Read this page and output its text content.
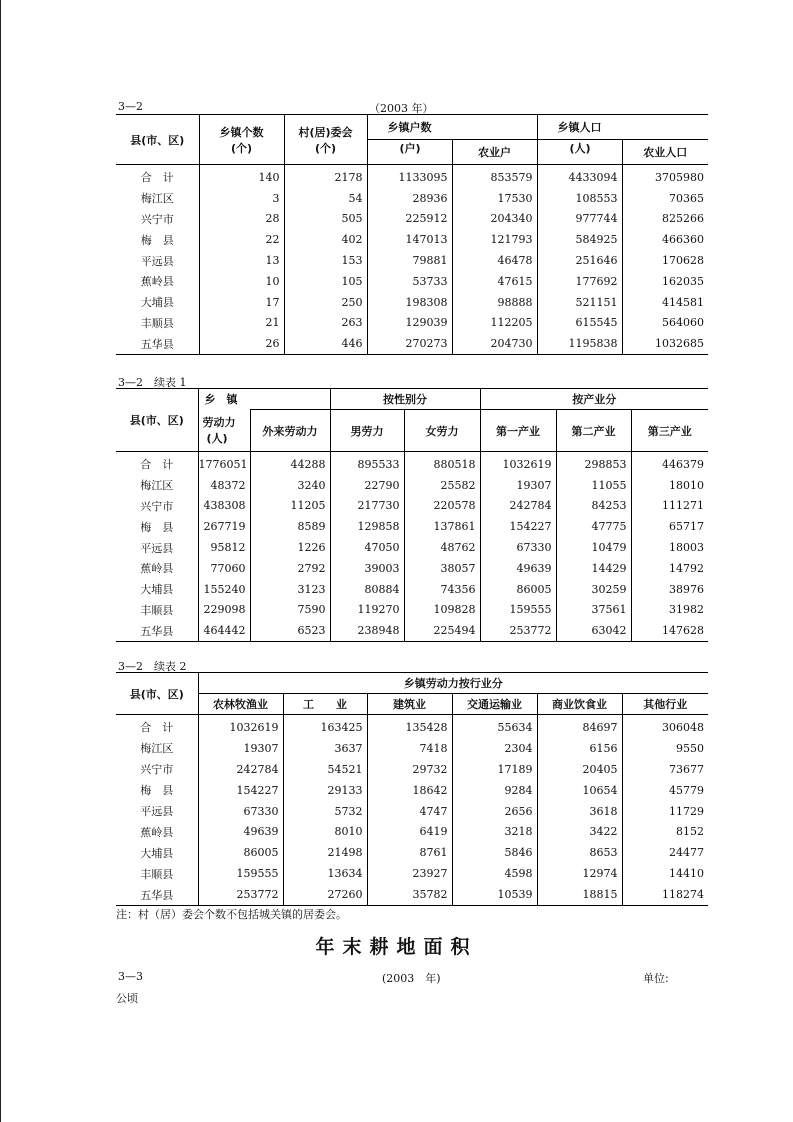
3—2	（2003 年）
县(市、区)	乡镇个数	村(居)委会	乡镇户数		乡镇人口	
	(个)	(个)	(户)	农业户	(人)	农业人口
合　计	140	2178	1133095	853579	4433094	3705980
梅江区	3	54	28936	17530	108553	70365
兴宁市	28	505	225912	204340	977744	825266
梅　县	22	402	147013	121793	584925	466360
平远县	13	153	79881	46478	251646	170628
蕉岭县	10	105	53733	47615	177692	162035
大埔县	17	250	198308	98888	521151	414581
丰顺县	21	263	129039	112205	615545	564060
五华县	26	446	270273	204730	1195838	1032685
3—2　续表 1
县(市、区)	乡　镇		按性别分		按产业分		
	劳动力	外来劳动力	男劳力	女劳力	第一产业	第二产业	第三产业
	(人)						
合　计	1776051	44288	895533	880518	1032619	298853	446379
梅江区	48372	3240	22790	25582	19307	11055	18010
兴宁市	438308	11205	217730	220578	242784	84253	111271
梅　县	267719	8589	129858	137861	154227	47775	65717
平远县	95812	1226	47050	48762	67330	10479	18003
蕉岭县	77060	2792	39003	38057	49639	14429	14792
大埔县	155240	3123	80884	74356	86005	30259	38976
丰顺县	229098	7590	119270	109828	159555	37561	31982
五华县	464442	6523	238948	225494	253772	63042	147628
3—2　续表 2
县(市、区)	乡镇劳动力按行业分					
	农林牧渔业	工　　业	建筑业	交通运输业	商业饮食业	其他行业
合　计	1032619	163425	135428	55634	84697	306048
梅江区	19307	3637	7418	2304	6156	9550
兴宁市	242784	54521	29732	17189	20405	73677
梅　县	154227	29133	18642	9284	10654	45779
平远县	67330	5732	4747	2656	3618	11729
蕉岭县	49639	8010	6419	3218	3422	8152
大埔县	86005	21498	8761	5846	8653	24477
丰顺县	159555	13634	23927	4598	12974	14410
五华县	253772	27260	35782	10539	18815	118274
注：村（居）委会个数不包括城关镇的居委会。
年末耕地面积
3—3	(2003　年)	单位:
公顷
